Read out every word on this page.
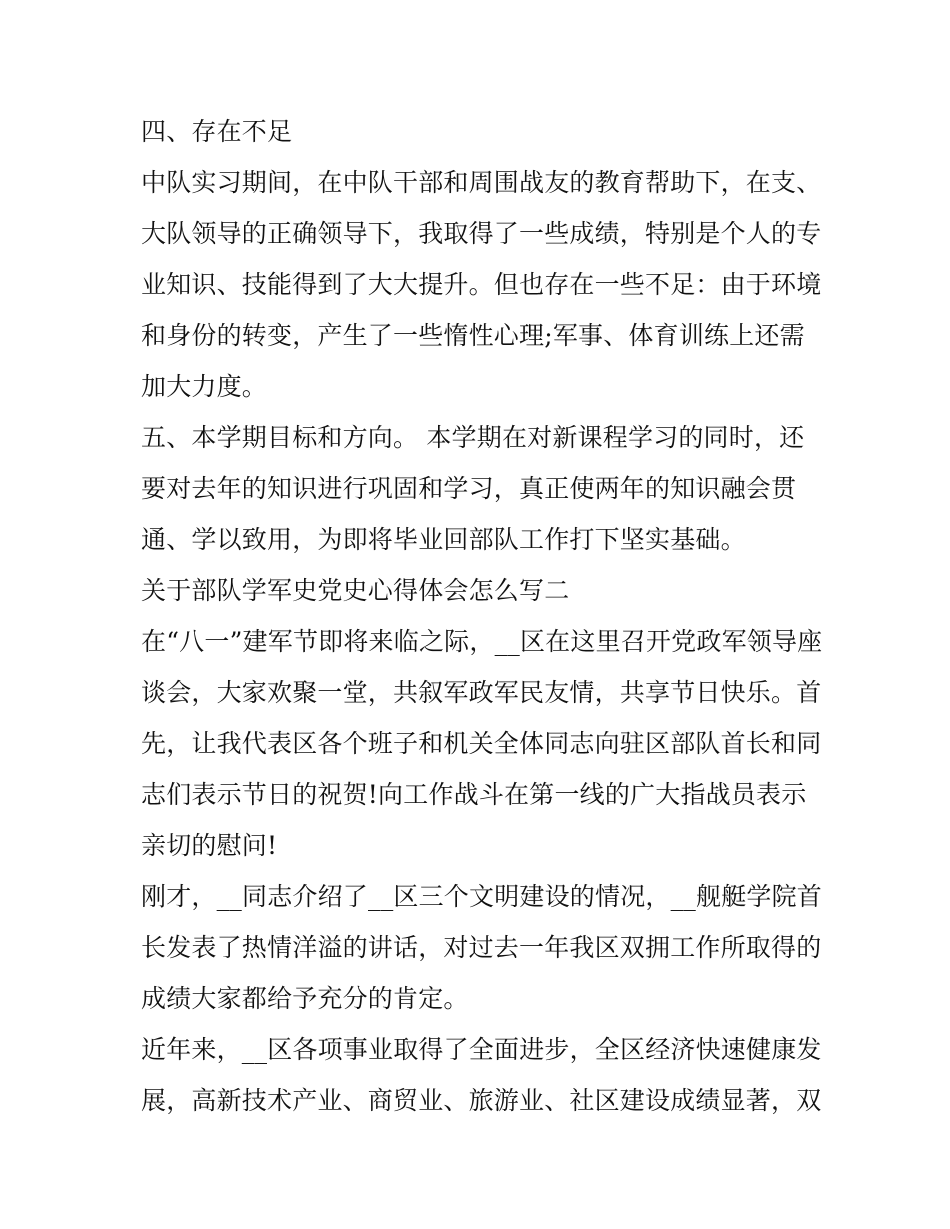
四、存在不足
中队实习期间，在中队干部和周围战友的教育帮助下，在支、
大队领导的正确领导下，我取得了一些成绩，特别是个人的专
业知识、技能得到了大大提升。但也存在一些不足：由于环境
和身份的转变，产生了一些惰性心理;军事、体育训练上还需
加大力度。
五、本学期目标和方向。 本学期在对新课程学习的同时，还
要对去年的知识进行巩固和学习，真正使两年的知识融会贯
通、学以致用，为即将毕业回部队工作打下坚实基础。
关于部队学军史党史心得体会怎么写二
在“八一”建军节即将来临之际，__区在这里召开党政军领导座
谈会，大家欢聚一堂，共叙军政军民友情，共享节日快乐。首
先，让我代表区各个班子和机关全体同志向驻区部队首长和同
志们表示节日的祝贺!向工作战斗在第一线的广大指战员表示
亲切的慰问!
刚才，__同志介绍了__区三个文明建设的情况，__舰艇学院首
长发表了热情洋溢的讲话，对过去一年我区双拥工作所取得的
成绩大家都给予充分的肯定。
近年来，__区各项事业取得了全面进步，全区经济快速健康发
展，高新技术产业、商贸业、旅游业、社区建设成绩显著，双
